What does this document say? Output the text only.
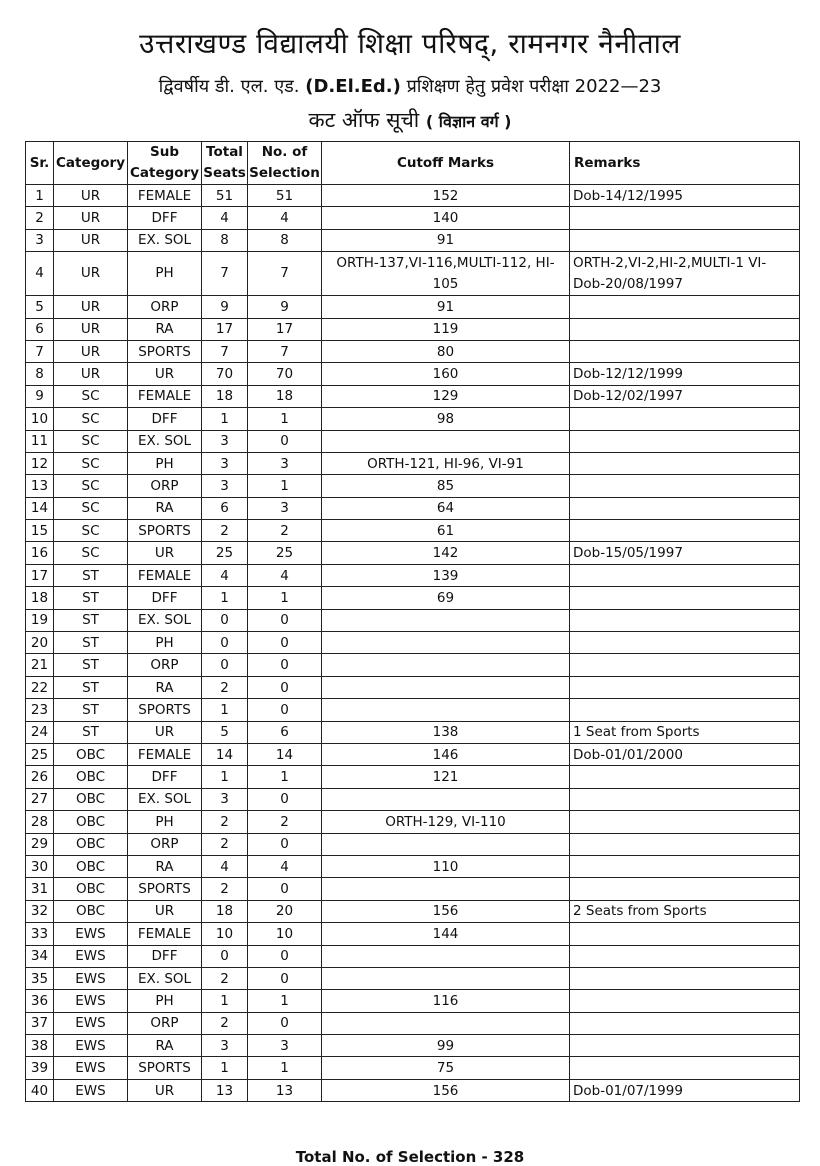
उत्तराखण्ड विद्यालयी शिक्षा परिषद्, रामनगर नैनीताल
द्विवर्षीय डी. एल. एड. (D.El.Ed.) प्रशिक्षण हेतु प्रवेश परीक्षा 2022—23
कट ऑफ सूची ( विज्ञान वर्ग )
Sr.	Category	Sub Category	Total Seats	No. of Selection	Cutoff Marks	Remarks
1	UR	FEMALE	51	51	152	Dob-14/12/1995
2	UR	DFF	4	4	140	
3	UR	EX. SOL	8	8	91	
4	UR	PH	7	7	ORTH-137,VI-116,MULTI-112, HI-105	ORTH-2,VI-2,HI-2,MULTI-1 VI-Dob-20/08/1997
5	UR	ORP	9	9	91	
6	UR	RA	17	17	119	
7	UR	SPORTS	7	7	80	
8	UR	UR	70	70	160	Dob-12/12/1999
9	SC	FEMALE	18	18	129	Dob-12/02/1997
10	SC	DFF	1	1	98	
11	SC	EX. SOL	3	0		
12	SC	PH	3	3	ORTH-121, HI-96, VI-91	
13	SC	ORP	3	1	85	
14	SC	RA	6	3	64	
15	SC	SPORTS	2	2	61	
16	SC	UR	25	25	142	Dob-15/05/1997
17	ST	FEMALE	4	4	139	
18	ST	DFF	1	1	69	
19	ST	EX. SOL	0	0		
20	ST	PH	0	0		
21	ST	ORP	0	0		
22	ST	RA	2	0		
23	ST	SPORTS	1	0		
24	ST	UR	5	6	138	1 Seat from Sports
25	OBC	FEMALE	14	14	146	Dob-01/01/2000
26	OBC	DFF	1	1	121	
27	OBC	EX. SOL	3	0		
28	OBC	PH	2	2	ORTH-129, VI-110	
29	OBC	ORP	2	0		
30	OBC	RA	4	4	110	
31	OBC	SPORTS	2	0		
32	OBC	UR	18	20	156	2 Seats from Sports
33	EWS	FEMALE	10	10	144	
34	EWS	DFF	0	0		
35	EWS	EX. SOL	2	0		
36	EWS	PH	1	1	116	
37	EWS	ORP	2	0		
38	EWS	RA	3	3	99	
39	EWS	SPORTS	1	1	75	
40	EWS	UR	13	13	156	Dob-01/07/1999
Total No. of Selection - 328
